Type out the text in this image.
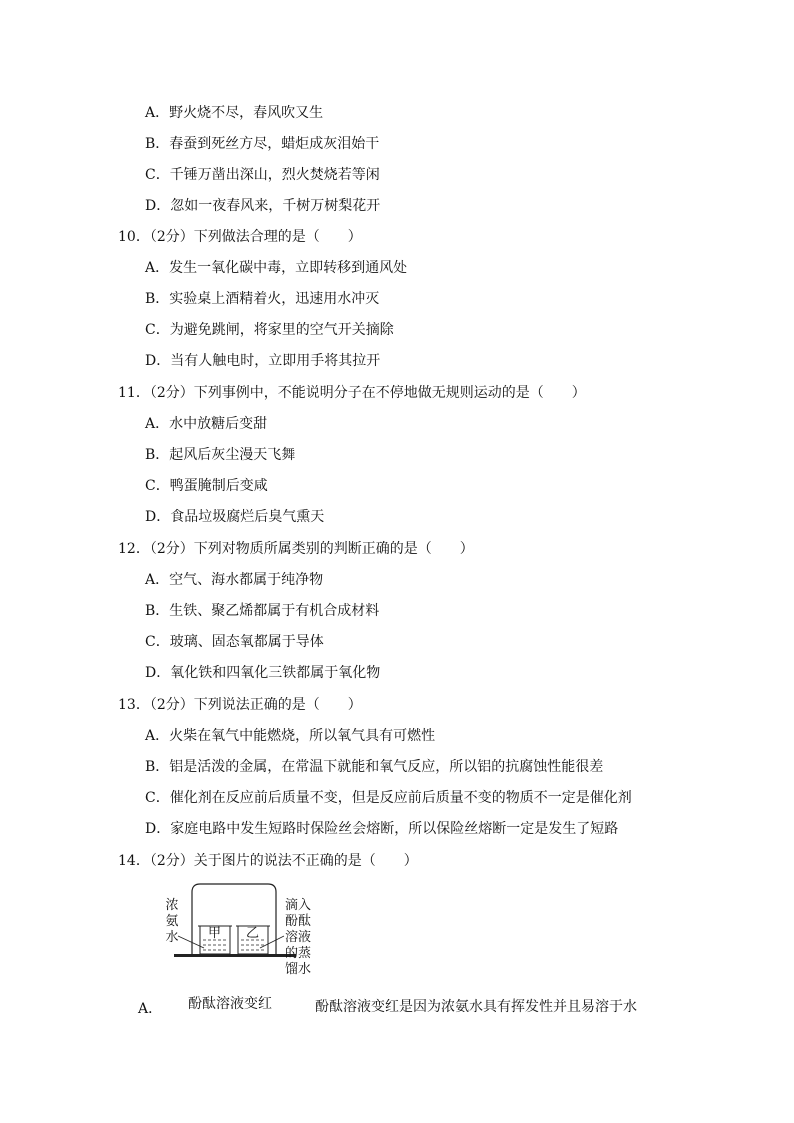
A．野火烧不尽，春风吹又生
B．春蚕到死丝方尽，蜡炬成灰泪始干
C．千锤万凿出深山，烈火焚烧若等闲
D．忽如一夜春风来，千树万树梨花开
10．（2分）下列做法合理的是（　　）
A．发生一氧化碳中毒，立即转移到通风处
B．实验桌上酒精着火，迅速用水冲灭
C．为避免跳闸，将家里的空气开关摘除
D．当有人触电时，立即用手将其拉开
11．（2分）下列事例中，不能说明分子在不停地做无规则运动的是（　　）
A．水中放糖后变甜
B．起风后灰尘漫天飞舞
C．鸭蛋腌制后变咸
D．食品垃圾腐烂后臭气熏天
12．（2分）下列对物质所属类别的判断正确的是（　　）
A．空气、海水都属于纯净物
B．生铁、聚乙烯都属于有机合成材料
C．玻璃、固态氧都属于导体
D．氧化铁和四氧化三铁都属于氧化物
13．（2分）下列说法正确的是（　　）
A．火柴在氧气中能燃烧，所以氧气具有可燃性
B．铝是活泼的金属，在常温下就能和氧气反应，所以铝的抗腐蚀性能很差
C．催化剂在反应前后质量不变，但是反应前后质量不变的物质不一定是催化剂
D．家庭电路中发生短路时保险丝会熔断，所以保险丝熔断一定是发生了短路
14．（2分）关于图片的说法不正确的是（　　）
浓氨水
滴入酚酞溶液的蒸馏水
甲 乙
酚酞溶液变红
A．	酚酞溶液变红是因为浓氨水具有挥发性并且易溶于水
